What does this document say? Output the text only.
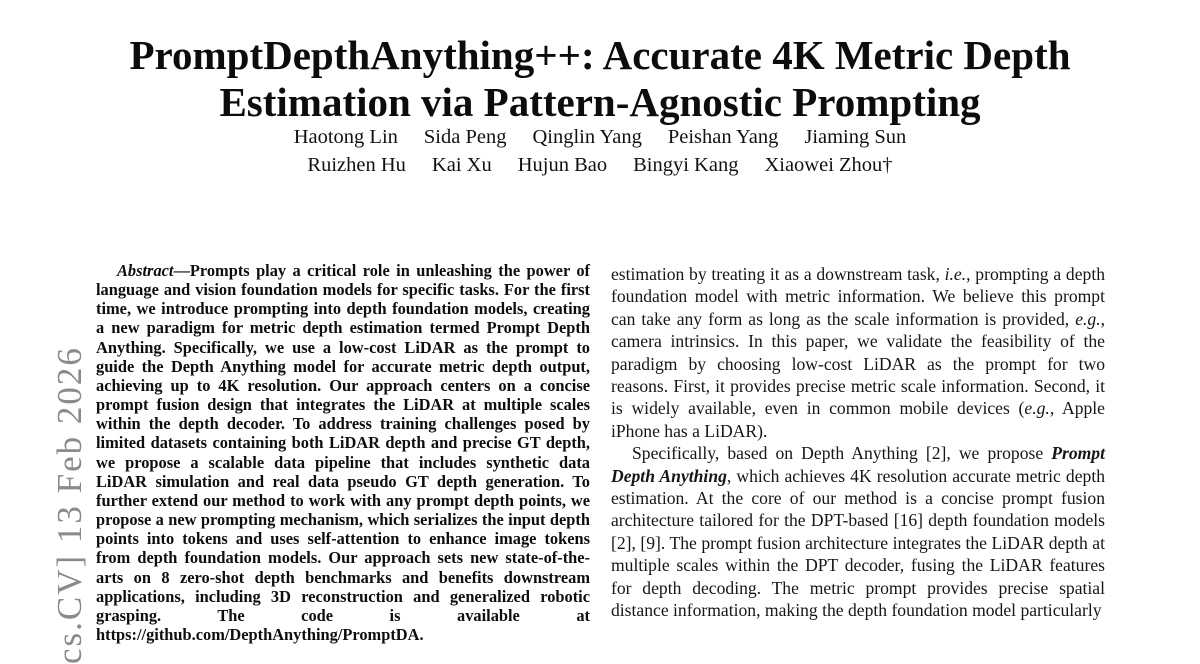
cs.CV] 13 Feb 2026
PromptDepthAnything++: Accurate 4K Metric Depth
Estimation via Pattern-Agnostic Prompting
Haotong Lin Sida Peng Qinglin Yang Peishan Yang Jiaming Sun
Ruizhen Hu Kai Xu Hujun Bao Bingyi Kang Xiaowei Zhou†

Abstract—Prompts play a critical role in unleashing the power of language and vision foundation models for specific tasks. For the first time, we introduce prompting into depth foundation models, creating a new paradigm for metric depth estimation termed Prompt Depth Anything. Specifically, we use a low-cost LiDAR as the prompt to guide the Depth Anything model for accurate metric depth output, achieving up to 4K resolution. Our approach centers on a concise prompt fusion design that integrates the LiDAR at multiple scales within the depth decoder. To address training challenges posed by limited datasets containing both LiDAR depth and precise GT depth, we propose a scalable data pipeline that includes synthetic data LiDAR simulation and real data pseudo GT depth generation. To further extend our method to work with any prompt depth points, we propose a new prompting mechanism, which serializes the input depth points into tokens and uses self-attention to enhance image tokens from depth foundation models. Our approach sets new state-of-the-arts on 8 zero-shot depth benchmarks and benefits downstream applications, including 3D reconstruction and generalized robotic grasping. The code is available at https://github.com/DepthAnything/PromptDA.

estimation by treating it as a downstream task, i.e., prompting a depth foundation model with metric information. We believe this prompt can take any form as long as the scale information is provided, e.g., camera intrinsics. In this paper, we validate the feasibility of the paradigm by choosing low-cost LiDAR as the prompt for two reasons. First, it provides precise metric scale information. Second, it is widely available, even in common mobile devices (e.g., Apple iPhone has a LiDAR).

Specifically, based on Depth Anything [2], we propose Prompt Depth Anything, which achieves 4K resolution accurate metric depth estimation. At the core of our method is a concise prompt fusion architecture tailored for the DPT-based [16] depth foundation models [2], [9]. The prompt fusion architecture integrates the LiDAR depth at multiple scales within the DPT decoder, fusing the LiDAR features for depth decoding. The metric prompt provides precise spatial distance information, making the depth foundation model particularly
